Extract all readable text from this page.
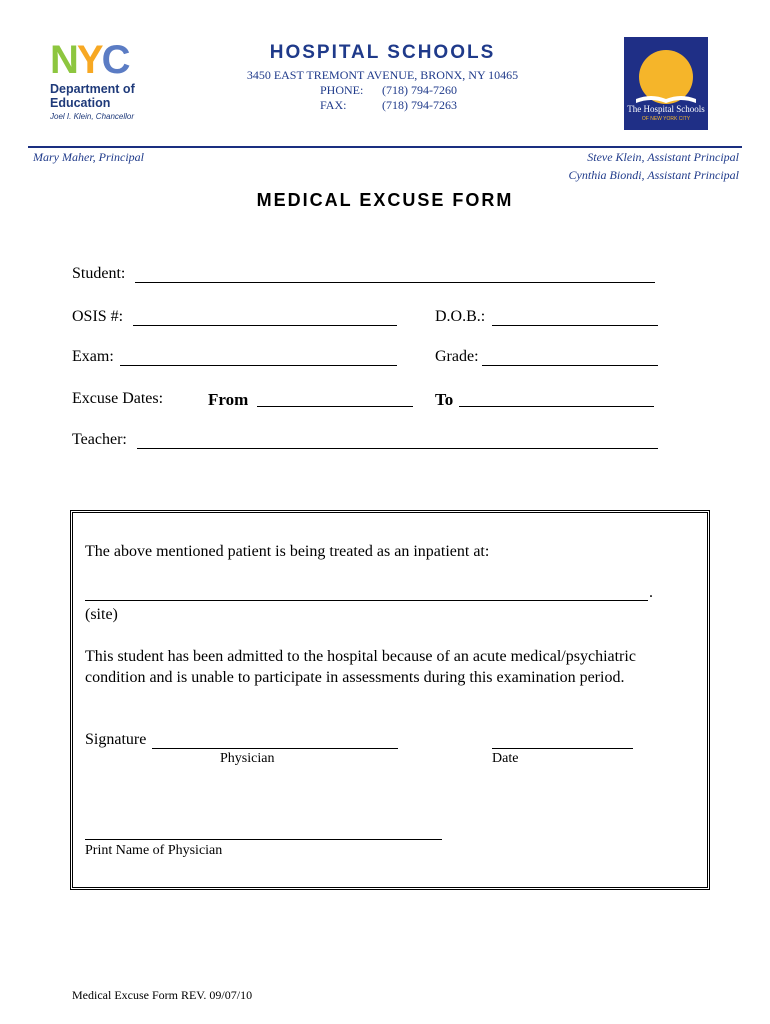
NYC
Department of
Education
Joel I. Klein, Chancellor
HOSPITAL SCHOOLS
3450 EAST TREMONT AVENUE, BRONX, NY 10465
PHONE: (718) 794-7260
FAX:	(718) 794-7263	The Hospital Schools
OF NEW YORK CITY
Mary Maher, Principal	Steve Klein, Assistant Principal
Cynthia Biondi, Assistant Principal
MEDICAL EXCUSE FORM
Student:
OSIS #:	D.O.B.:
Exam:	Grade:
Excuse Dates:	From	To
Teacher:
The above mentioned patient is being treated as an inpatient at:
.
(site)
This student has been admitted to the hospital because of an acute medical/psychiatric
condition and is unable to participate in assessments during this examination period.
Signature
Physician	Date
Print Name of Physician
Medical Excuse Form REV. 09/07/10
